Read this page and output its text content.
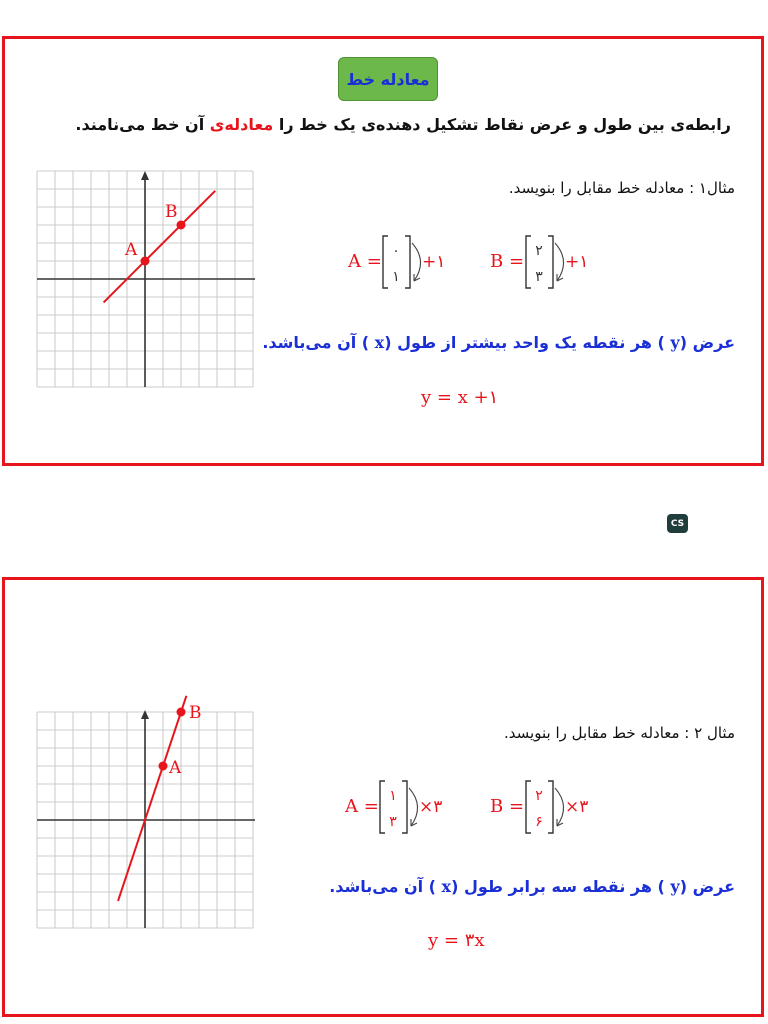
معادله خط
رابطه‌ی بین طول و عرض نقاط تشکیل دهنده‌ی یک خط را معادله‌ی آن خط می‌نامند.
مثال۱ : معادله خط مقابل را بنویسد.
A = ۰
۱
+۱ B = ۲
۳
+۱
عرض (y ) هر نقطه یک واحد بیشتر از طول (x ) آن می‌باشد.
y = x +۱
A
B
CS
مثال ۲ : معادله خط مقابل را بنویسد.
A = ۱
۳
×۳	B = ۲
۶
×۳
عرض (y ) هر نقطه سه برابر طول (x ) آن می‌باشد.
y = ۳x
A
B
